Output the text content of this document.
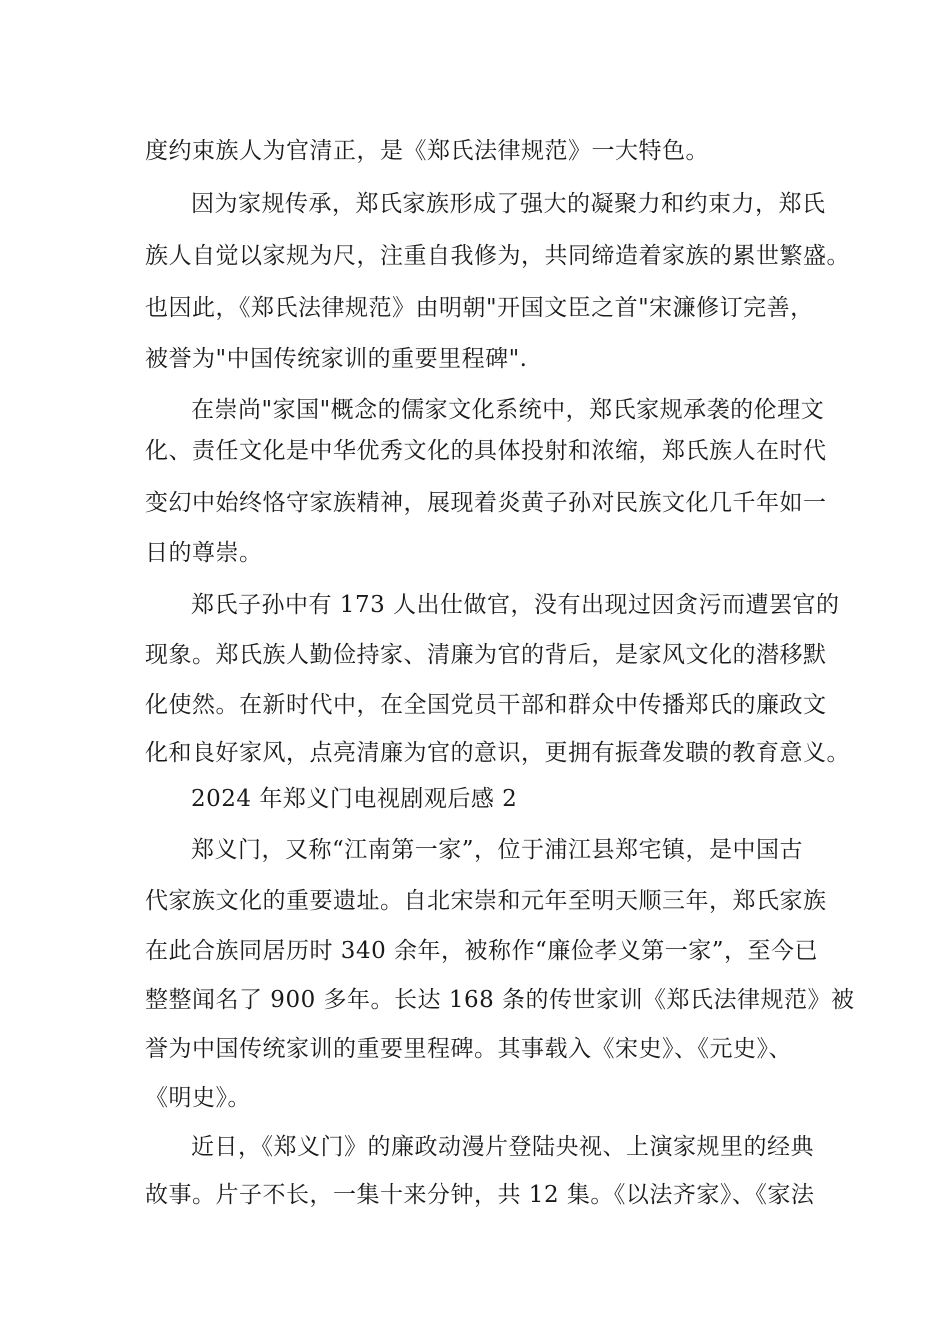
度约束族人为官清正，是《郑氏法律规范》一大特色。
因为家规传承，郑氏家族形成了强大的凝聚力和约束力，郑氏
族人自觉以家规为尺，注重自我修为，共同缔造着家族的累世繁盛。
也因此，《郑氏法律规范》由明朝"开国文臣之首"宋濂修订完善，
被誉为"中国传统家训的重要里程碑".
在崇尚"家国"概念的儒家文化系统中，郑氏家规承袭的伦理文
化、责任文化是中华优秀文化的具体投射和浓缩，郑氏族人在时代
变幻中始终恪守家族精神，展现着炎黄子孙对民族文化几千年如一
日的尊崇。
郑氏子孙中有 173 人出仕做官，没有出现过因贪污而遭罢官的
现象。郑氏族人勤俭持家、清廉为官的背后，是家风文化的潜移默
化使然。在新时代中，在全国党员干部和群众中传播郑氏的廉政文
化和良好家风，点亮清廉为官的意识，更拥有振聋发聩的教育意义。
2024 年郑义门电视剧观后感 2
郑义门，又称“江南第一家”，位于浦江县郑宅镇，是中国古
代家族文化的重要遗址。自北宋崇和元年至明天顺三年，郑氏家族
在此合族同居历时 340 余年，被称作“廉俭孝义第一家”，至今已
整整闻名了 900 多年。长达 168 条的传世家训《郑氏法律规范》被
誉为中国传统家训的重要里程碑。其事载入《宋史》、《元史》、
《明史》。
近日，《郑义门》的廉政动漫片登陆央视、上演家规里的经典
故事。片子不长，一集十来分钟，共 12 集。《以法齐家》、《家法
